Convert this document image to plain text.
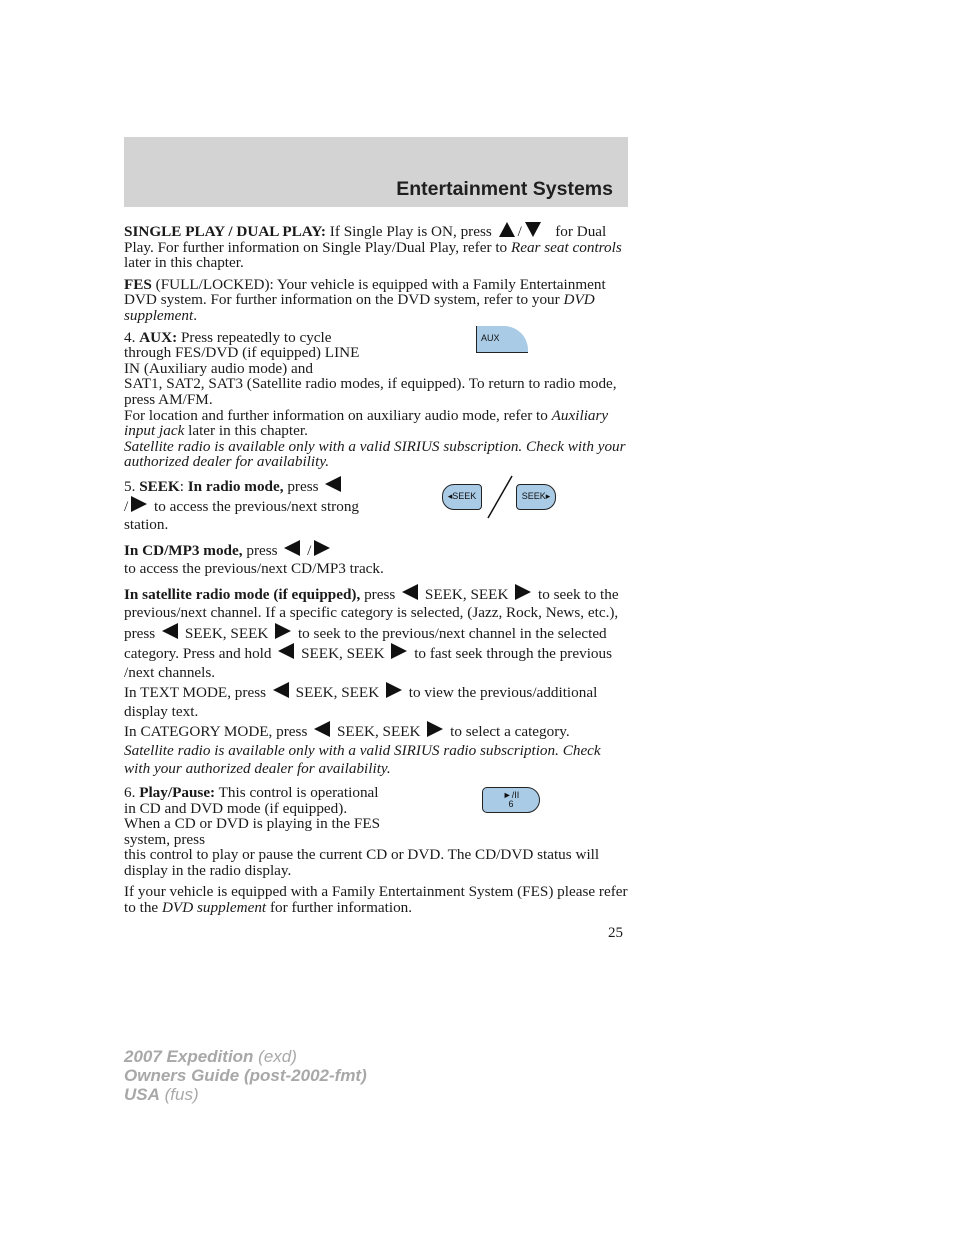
Entertainment Systems

SINGLE PLAY / DUAL PLAY: If Single Play is ON, press / for Dual Play. For further information on Single Play/Dual Play, refer to Rear seat controls later in this chapter.

FES (FULL/LOCKED): Your vehicle is equipped with a Family Entertainment DVD system. For further information on the DVD system, refer to your DVD supplement.

4. AUX: Press repeatedly to cycle through FES/DVD (if equipped) LINE IN (Auxiliary audio mode) and

AUX

SAT1, SAT2, SAT3 (Satellite radio modes, if equipped). To return to radio mode, press AM/FM.
For location and further information on auxiliary audio mode, refer to Auxiliary input jack later in this chapter.
Satellite radio is available only with a valid SIRIUS subscription. Check with your authorized dealer for availability.

5. SEEK: In radio mode, press
/ to access the previous/next strong station.

◂SEEK	SEEK▸

In CD/MP3 mode, press  /
to access the previous/next CD/MP3 track.

In satellite radio mode (if equipped), press SEEK, SEEK to seek to the previous/next channel. If a specific category is selected, (Jazz, Rock, News, etc.), press SEEK, SEEK to seek to the previous/next channel in the selected category. Press and hold SEEK, SEEK to fast seek through the previous /next channels.
In TEXT MODE, press SEEK, SEEK to view the previous/additional display text.
In CATEGORY MODE, press SEEK, SEEK to select a category.
Satellite radio is available only with a valid SIRIUS radio subscription. Check with your authorized dealer for availability.

6. Play/Pause: This control is operational in CD and DVD mode (if equipped). When a CD or DVD is playing in the FES system, press

►/II
6

this control to play or pause the current CD or DVD. The CD/DVD status will display in the radio display.

If your vehicle is equipped with a Family Entertainment System (FES) please refer to the DVD supplement for further information.

25
2007 Expedition (exd)
Owners Guide (post-2002-fmt)
USA (fus)
